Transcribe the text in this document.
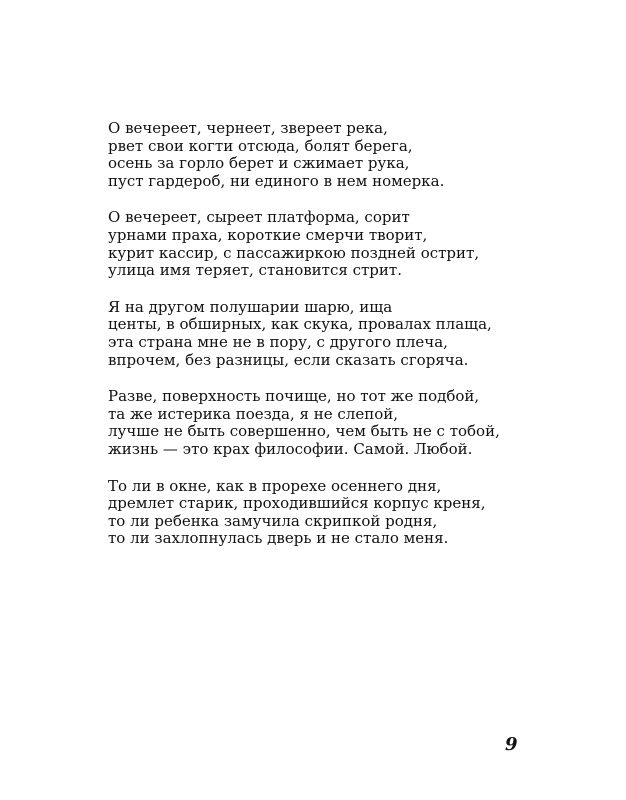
О вечереет, чернеет, звереет река,
рвет свои когти отсюда, болят берега,
осень за горло берет и сжимает рука,
пуст гардероб, ни единого в нем номерка.
О вечереет, сыреет платформа, сорит
урнами праха, короткие смерчи творит,
курит кассир, с пассажиркою поздней острит,
улица имя теряет, становится стрит.
Я на другом полушарии шарю, ища
центы, в обширных, как скука, провалах плаща,
эта страна мне не в пору, с другого плеча,
впрочем, без разницы, если сказать сгоряча.
Разве, поверхность почище, но тот же подбой,
та же истерика поезда, я не слепой,
лучше не быть совершенно, чем быть не с тобой,
жизнь — это крах философии. Самой. Любой.
То ли в окне, как в прорехе осеннего дня,
дремлет старик, проходившийся корпус креня,
то ли ребенка замучила скрипкой родня,
то ли захлопнулась дверь и не стало меня.
9
